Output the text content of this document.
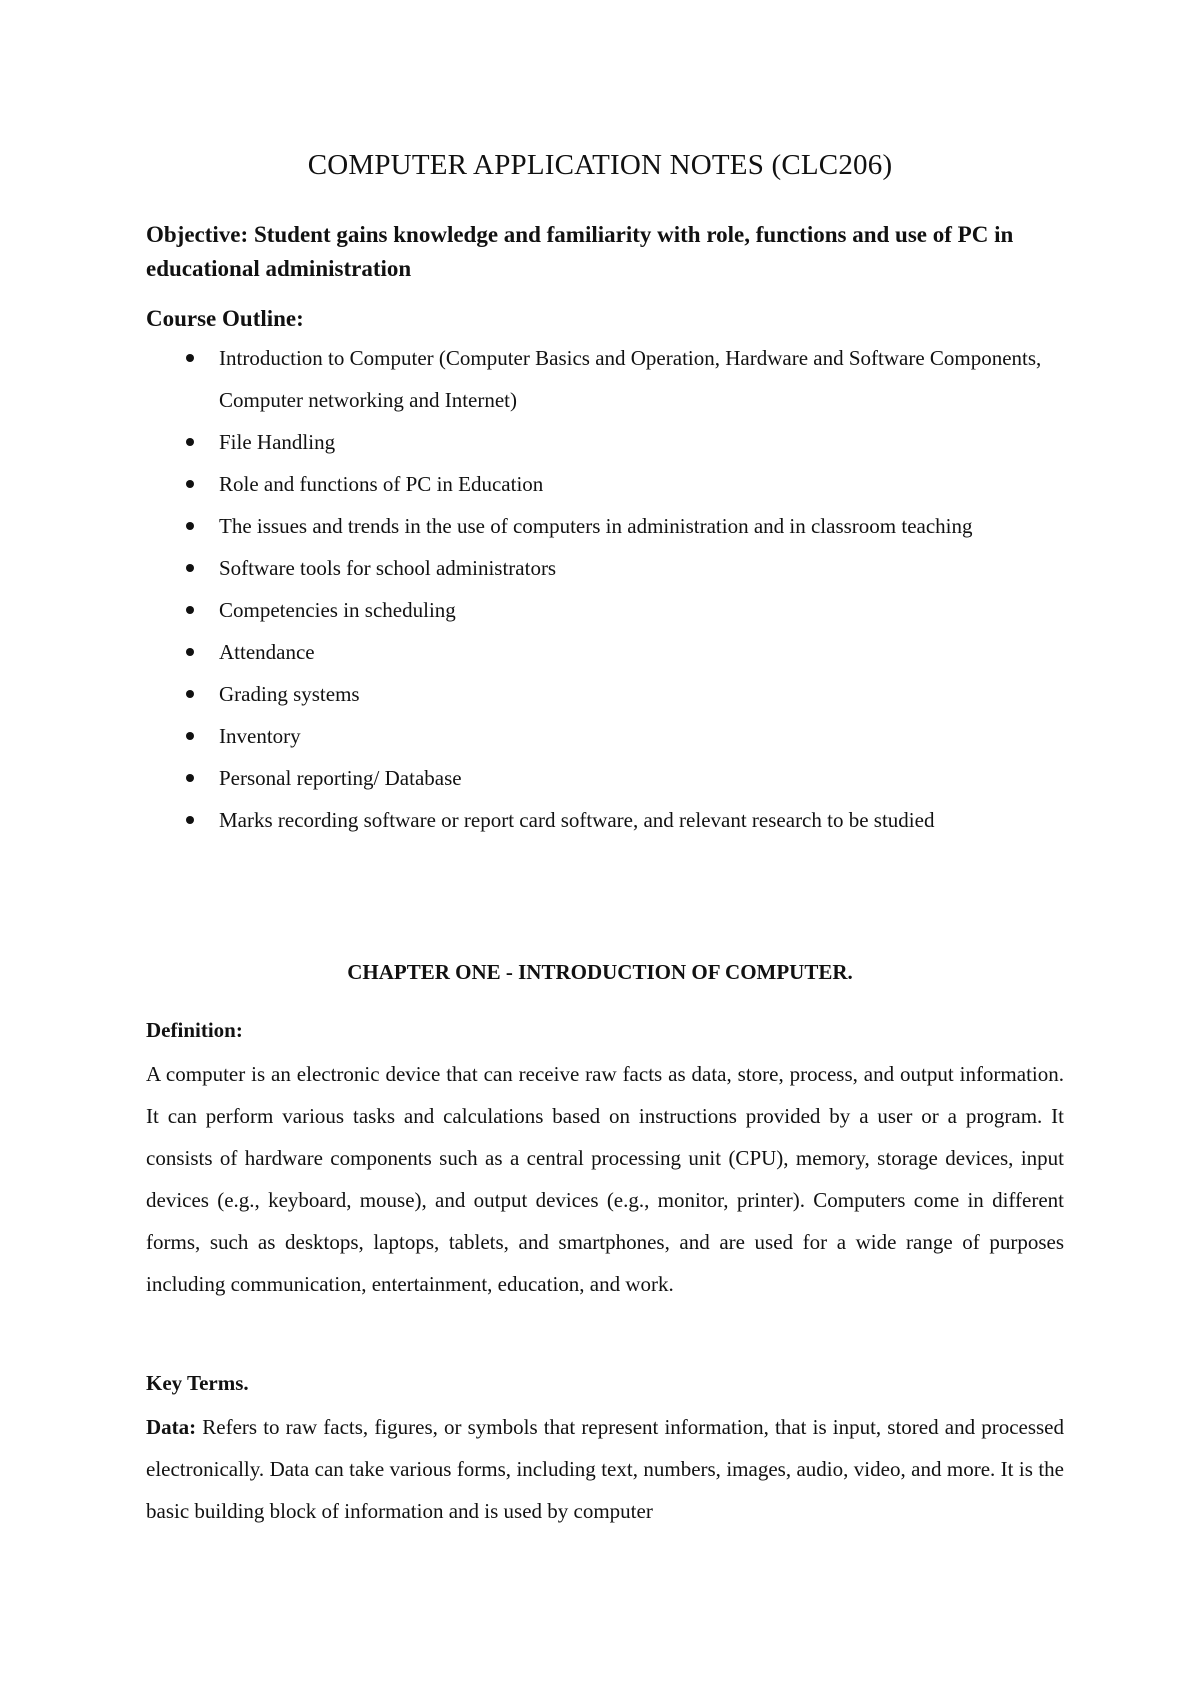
COMPUTER APPLICATION NOTES (CLC206)
Objective: Student gains knowledge and familiarity with role, functions and use of PC in educational administration
Course Outline:
Introduction to Computer (Computer Basics and Operation, Hardware and Software Components, Computer networking and Internet)
File Handling
Role and functions of PC in Education
The issues and trends in the use of computers in administration and in classroom teaching
Software tools for school administrators
Competencies in scheduling
Attendance
Grading systems
Inventory
Personal reporting/ Database
Marks recording software or report card software, and relevant research to be studied
CHAPTER ONE - INTRODUCTION OF COMPUTER.
Definition:
A computer is an electronic device that can receive raw facts as data, store, process, and output information. It can perform various tasks and calculations based on instructions provided by a user or a program. It consists of hardware components such as a central processing unit (CPU), memory, storage devices, input devices (e.g., keyboard, mouse), and output devices (e.g., monitor, printer). Computers come in different forms, such as desktops, laptops, tablets, and smartphones, and are used for a wide range of purposes including communication, entertainment, education, and work.
Key Terms.
Data: Refers to raw facts, figures, or symbols that represent information, that is input, stored and processed electronically. Data can take various forms, including text, numbers, images, audio, video, and more. It is the basic building block of information and is used by computer
